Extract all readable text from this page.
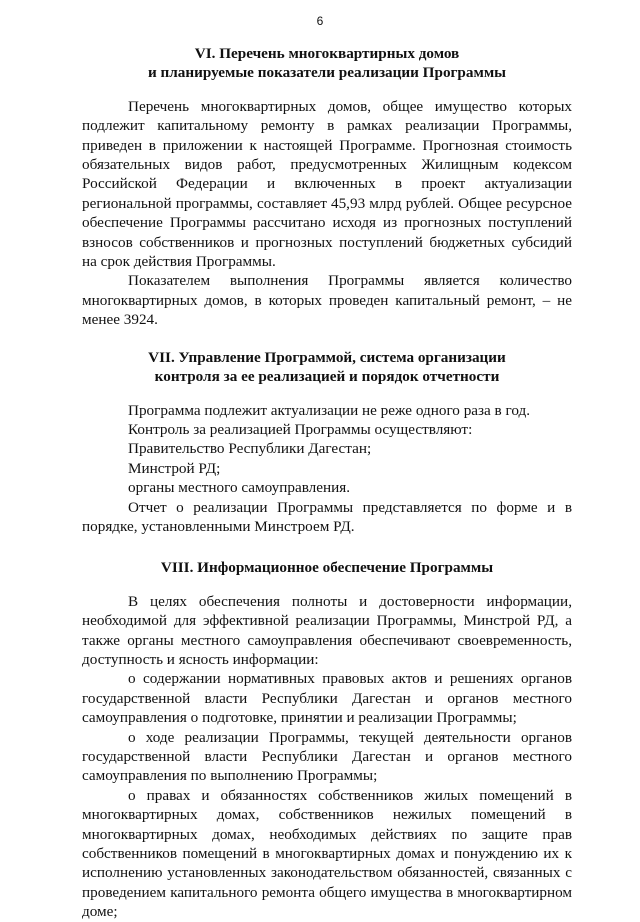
6
VI. Перечень многоквартирных домов
и планируемые показатели реализации Программы

Перечень многоквартирных домов, общее имущество которых подлежит капитальному ремонту в рамках реализации Программы, приведен в приложении к настоящей Программе. Прогнозная стоимость обязательных видов работ, предусмотренных Жилищным кодексом Российской Федерации и включенных в проект актуализации региональной программы, составляет 45,93 млрд рублей. Общее ресурсное обеспечение Программы рассчитано исходя из прогнозных поступлений взносов собственников и прогнозных поступлений бюджетных субсидий на срок действия Программы.

Показателем выполнения Программы является количество многоквартирных домов, в которых проведен капитальный ремонт, – не менее 3924.

VII. Управление Программой, система организации
контроля за ее реализацией и порядок отчетности

Программа подлежит актуализации не реже одного раза в год.

Контроль за реализацией Программы осуществляют:

Правительство Республики Дагестан;

Минстрой РД;

органы местного самоуправления.

Отчет о реализации Программы представляется по форме и в порядке, установленными Минстроем РД.

VIII. Информационное обеспечение Программы

В целях обеспечения полноты и достоверности информации, необходимой для эффективной реализации Программы, Минстрой РД, а также органы местного самоуправления обеспечивают своевременность, доступность и ясность информации:

о содержании нормативных правовых актов и решениях органов государственной власти Республики Дагестан и органов местного самоуправления о подготовке, принятии и реализации Программы;

о ходе реализации Программы, текущей деятельности органов государственной власти Республики Дагестан и органов местного самоуправления по выполнению Программы;

о правах и обязанностях собственников жилых помещений в многоквартирных домах, собственников нежилых помещений в многоквартирных домах, необходимых действиях по защите прав собственников помещений в многоквартирных домах и понуждению их к исполнению установленных законодательством обязанностей, связанных с проведением капитального ремонта общего имущества в многоквартирном доме;
